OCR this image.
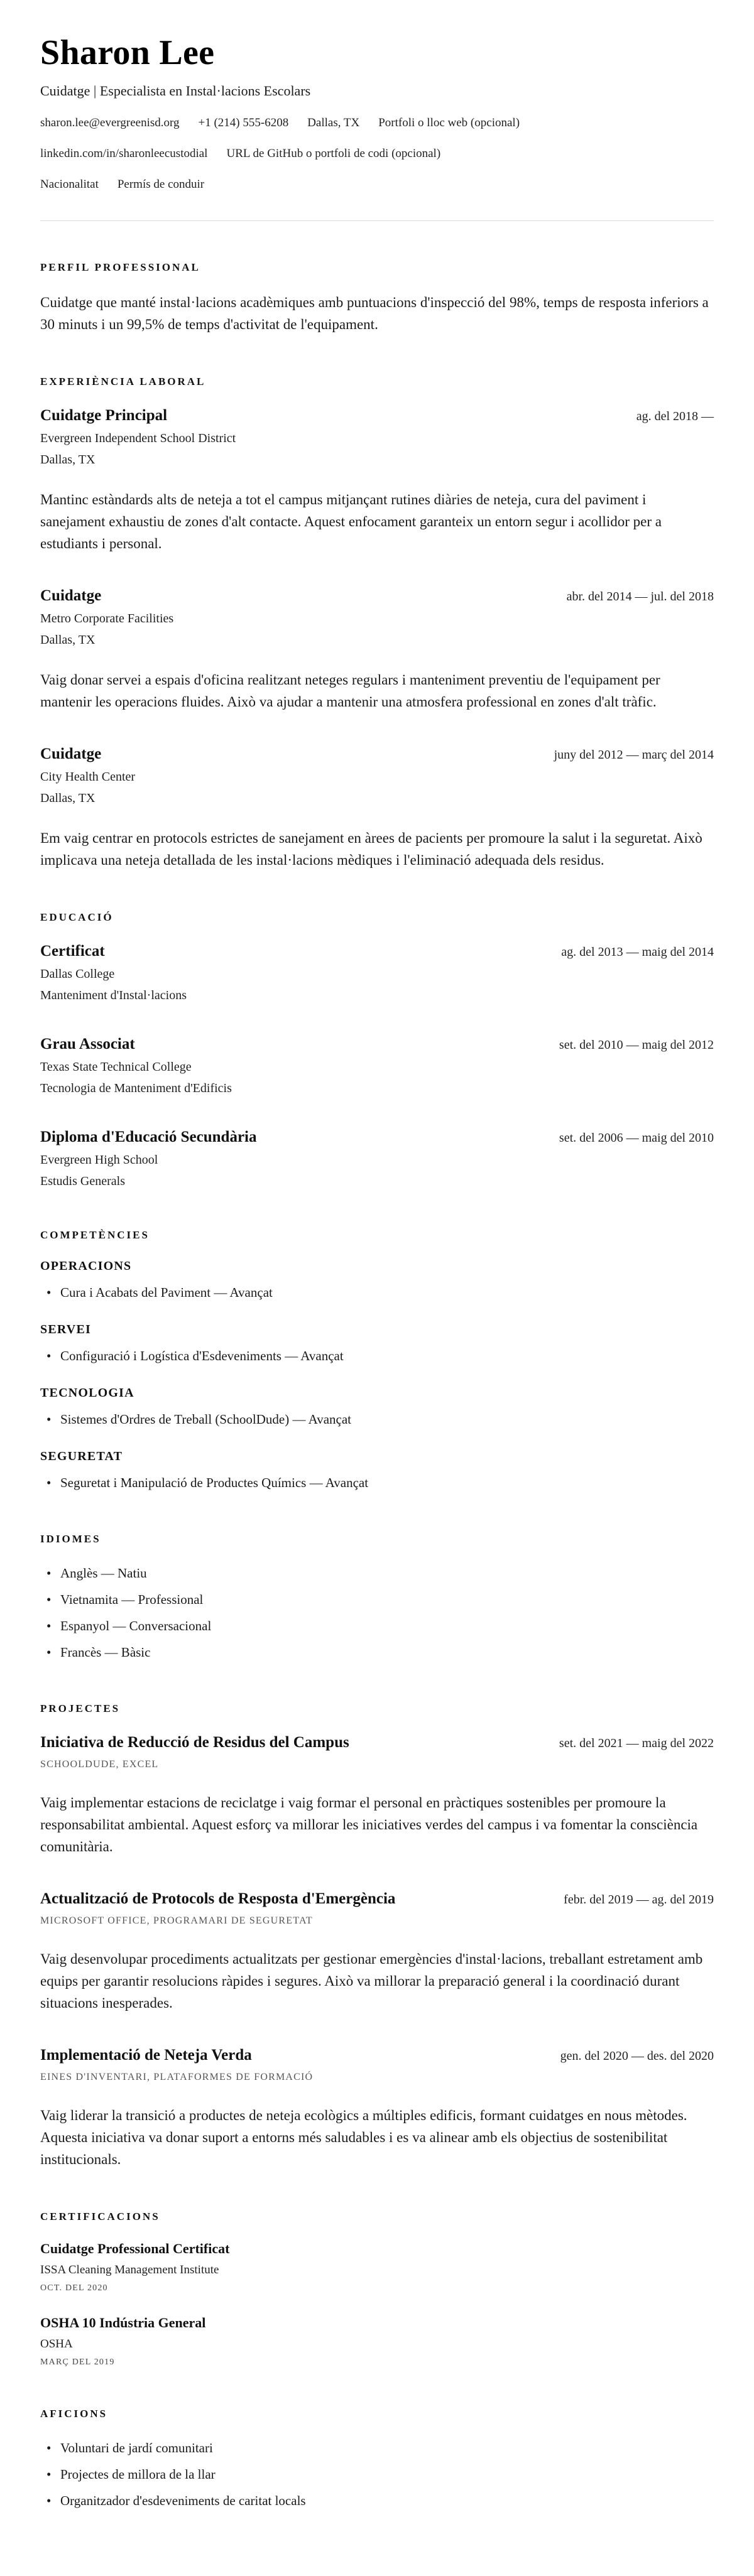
Sharon Lee
Cuidatge | Especialista en Instal·lacions Escolars
sharon.lee@evergreenisd.org +1 (214) 555-6208 Dallas, TX Portfoli o lloc web (opcional)
linkedin.com/in/sharonleecustodial URL de GitHub o portfoli de codi (opcional)
Nacionalitat Permís de conduir
PERFIL PROFESSIONAL

Cuidatge que manté instal·lacions acadèmiques amb puntuacions d'inspecció del 98%, temps de resposta inferiors a 30 minuts i un 99,5% de temps d'activitat de l'equipament.

EXPERIÈNCIA LABORAL
Cuidatge Principal	ag. del 2018 —
Evergreen Independent School District
Dallas, TX

Mantinc estàndards alts de neteja a tot el campus mitjançant rutines diàries de neteja, cura del paviment i sanejament exhaustiu de zones d'alt contacte. Aquest enfocament garanteix un entorn segur i acollidor per a estudiants i personal.

Cuidatge	abr. del 2014 — jul. del 2018
Metro Corporate Facilities
Dallas, TX

Vaig donar servei a espais d'oficina realitzant neteges regulars i manteniment preventiu de l'equipament per mantenir les operacions fluides. Això va ajudar a mantenir una atmosfera professional en zones d'alt tràfic.

Cuidatge	juny del 2012 — març del 2014
City Health Center
Dallas, TX

Em vaig centrar en protocols estrictes de sanejament en àrees de pacients per promoure la salut i la seguretat. Això implicava una neteja detallada de les instal·lacions mèdiques i l'eliminació adequada dels residus.

EDUCACIÓ
Certificat	ag. del 2013 — maig del 2014
Dallas College
Manteniment d'Instal·lacions
Grau Associat	set. del 2010 — maig del 2012
Texas State Technical College
Tecnologia de Manteniment d'Edificis
Diploma d'Educació Secundària	set. del 2006 — maig del 2010
Evergreen High School
Estudis Generals
COMPETÈNCIES
OPERACIONS
• Cura i Acabats del Paviment — Avançat
SERVEI
• Configuració i Logística d'Esdeveniments — Avançat
TECNOLOGIA
• Sistemes d'Ordres de Treball (SchoolDude) — Avançat
SEGURETAT
• Seguretat i Manipulació de Productes Químics — Avançat
IDIOMES
• Anglès — Natiu
• Vietnamita — Professional
• Espanyol — Conversacional
• Francès — Bàsic
PROJECTES
Iniciativa de Reducció de Residus del Campus	set. del 2021 — maig del 2022
SCHOOLDUDE, EXCEL

Vaig implementar estacions de reciclatge i vaig formar el personal en pràctiques sostenibles per promoure la responsabilitat ambiental. Aquest esforç va millorar les iniciatives verdes del campus i va fomentar la consciència comunitària.

Actualització de Protocols de Resposta d'Emergència	febr. del 2019 — ag. del 2019
MICROSOFT OFFICE, PROGRAMARI DE SEGURETAT

Vaig desenvolupar procediments actualitzats per gestionar emergències d'instal·lacions, treballant estretament amb equips per garantir resolucions ràpides i segures. Això va millorar la preparació general i la coordinació durant situacions inesperades.

Implementació de Neteja Verda	gen. del 2020 — des. del 2020
EINES D'INVENTARI, PLATAFORMES DE FORMACIÓ

Vaig liderar la transició a productes de neteja ecològics a múltiples edificis, formant cuidatges en nous mètodes. Aquesta iniciativa va donar suport a entorns més saludables i es va alinear amb els objectius de sostenibilitat institucionals.

CERTIFICACIONS
Cuidatge Professional Certificat
ISSA Cleaning Management Institute
OCT. DEL 2020
OSHA 10 Indústria General
OSHA
MARÇ DEL 2019
AFICIONS
• Voluntari de jardí comunitari
• Projectes de millora de la llar
• Organitzador d'esdeveniments de caritat locals
